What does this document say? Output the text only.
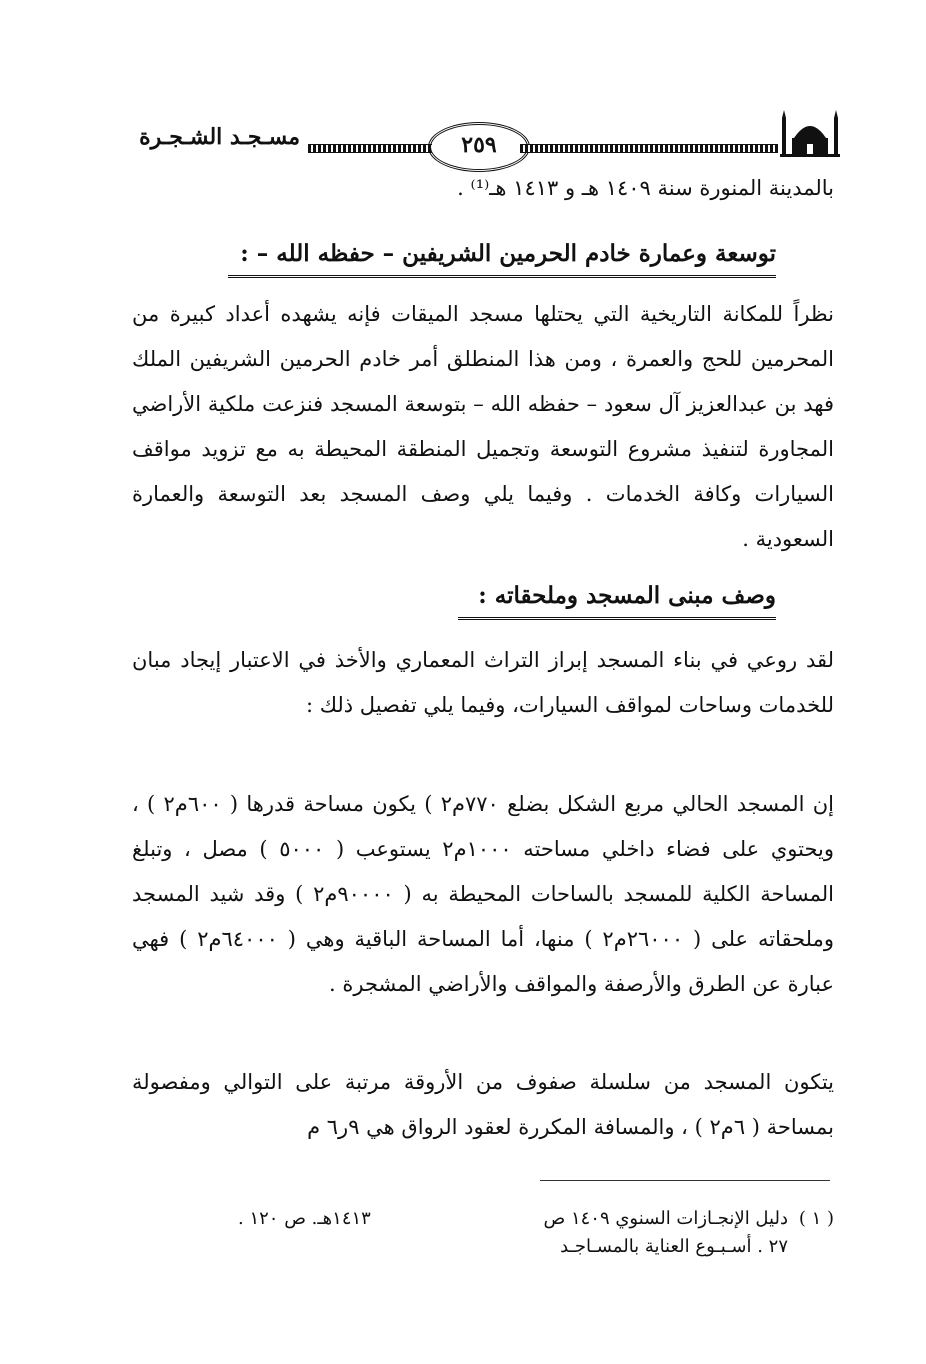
مسـجـد الشـجـرة	٢٥٩
بالمدينة المنورة سنة ١٤٠٩ هـ و ١٤١٣ هـ⁽¹⁾ .
توسعة وعمارة خادم الحرمين الشريفين – حفظه الله – :
نظراً للمكانة التاريخية التي يحتلها مسجد الميقات فإنه يشهده أعداد كبيرة من المحرمين للحج والعمرة ، ومن هذا المنطلق أمر خادم الحرمين الشريفين الملك فهد بن عبدالعزيز آل سعود – حفظه الله – بتوسعة المسجد فنزعت ملكية الأراضي المجاورة لتنفيذ مشروع التوسعة وتجميل المنطقة المحيطة به مع تزويد مواقف السيارات وكافة الخدمات . وفيما يلي وصف المسجد بعد التوسعة والعمارة السعودية .
وصف مبنى المسجد وملحقاته :
لقد روعي في بناء المسجد إبراز التراث المعماري والأخذ في الاعتبار إيجاد مبان للخدمات وساحات لمواقف السيارات، وفيما يلي تفصيل ذلك :
إن المسجد الحالي مربع الشكل بضلع ٧٧٠م٢ ) يكون مساحة قدرها ( ٦٠٠م٢ ) ، ويحتوي على فضاء داخلي مساحته ١٠٠٠م٢ يستوعب ( ٥٠٠٠ ) مصل ، وتبلغ المساحة الكلية للمسجد بالساحات المحيطة به ( ٩٠٠٠٠م٢ ) وقد شيد المسجد وملحقاته على ( ٢٦٠٠٠م٢ ) منها، أما المساحة الباقية وهي ( ٦٤٠٠٠م٢ ) فهي عبارة عن الطرق والأرصفة والمواقف والأراضي المشجرة .
يتكون المسجد من سلسلة صفوف من الأروقة مرتبة على التوالي ومفصولة بمساحة ( ٦م٢ ) ، والمسافة المكررة لعقود الرواق هي ٩ر٦ م
( ١ )
دليل الإنجـازات السنوي ١٤٠٩ ص
٢٧ . أسـبـوع العناية بالمسـاجـد
١٤١٣هـ. ص ١٢٠ .
